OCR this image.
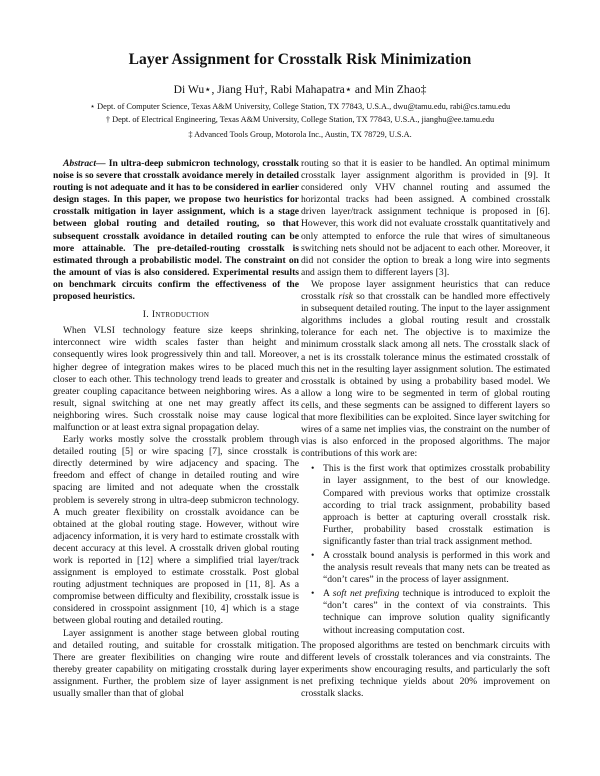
Layer Assignment for Crosstalk Risk Minimization
Di Wu⋆, Jiang Hu†, Rabi Mahapatra⋆ and Min Zhao‡
⋆ Dept. of Computer Science, Texas A&M University, College Station, TX 77843, U.S.A., dwu@tamu.edu, rabi@cs.tamu.edu
† Dept. of Electrical Engineering, Texas A&M University, College Station, TX 77843, U.S.A., jianghu@ee.tamu.edu
‡ Advanced Tools Group, Motorola Inc., Austin, TX 78729, U.S.A.

Abstract— In ultra-deep submicron technology, crosstalk noise is so severe that crosstalk avoidance merely in detailed routing is not adequate and it has to be considered in earlier design stages. In this paper, we propose two heuristics for crosstalk mitigation in layer assignment, which is a stage between global routing and detailed routing, so that subsequent crosstalk avoidance in detailed routing can be more attainable. The pre-detailed-routing crosstalk is estimated through a probabilistic model. The constraint on the amount of vias is also considered. Experimental results on benchmark circuits confirm the effectiveness of the proposed heuristics.

I. Introduction

When VLSI technology feature size keeps shrinking, interconnect wire width scales faster than height and consequently wires look progressively thin and tall. Moreover, higher degree of integration makes wires to be placed much closer to each other. This technology trend leads to greater and greater coupling capacitance between neighboring wires. As a result, signal switching at one net may greatly affect its neighboring wires. Such crosstalk noise may cause logical malfunction or at least extra signal propagation delay.

Early works mostly solve the crosstalk problem through detailed routing [5] or wire spacing [7], since crosstalk is directly determined by wire adjacency and spacing. The freedom and effect of change in detailed routing and wire spacing are limited and not adequate when the crosstalk problem is severely strong in ultra-deep submicron technology. A much greater flexibility on crosstalk avoidance can be obtained at the global routing stage. However, without wire adjacency information, it is very hard to estimate crosstalk with decent accuracy at this level. A crosstalk driven global routing work is reported in [12] where a simplified trial layer/track assignment is employed to estimate crosstalk. Post global routing adjustment techniques are proposed in [11, 8]. As a compromise between difficulty and flexibility, crosstalk issue is considered in crosspoint assignment [10, 4] which is a stage between global routing and detailed routing.

Layer assignment is another stage between global routing and detailed routing, and suitable for crosstalk mitigation. There are greater flexibilities on changing wire route and thereby greater capability on mitigating crosstalk during layer assignment. Further, the problem size of layer assignment is usually smaller than that of global

routing so that it is easier to be handled. An optimal minimum crosstalk layer assignment algorithm is provided in [9]. It considered only VHV channel routing and assumed the horizontal tracks had been assigned. A combined crosstalk driven layer/track assignment technique is proposed in [6]. However, this work did not evaluate crosstalk quantitatively and only attempted to enforce the rule that wires of simultaneous switching nets should not be adjacent to each other. Moreover, it did not consider the option to break a long wire into segments and assign them to different layers [3].

We propose layer assignment heuristics that can reduce crosstalk risk so that crosstalk can be handled more effectively in subsequent detailed routing. The input to the layer assignment algorithms includes a global routing result and crosstalk tolerance for each net. The objective is to maximize the minimum crosstalk slack among all nets. The crosstalk slack of a net is its crosstalk tolerance minus the estimated crosstalk of this net in the resulting layer assignment solution. The estimated crosstalk is obtained by using a probability based model. We allow a long wire to be segmented in term of global routing cells, and these segments can be assigned to different layers so that more flexibilities can be exploited. Since layer switching for wires of a same net implies vias, the constraint on the number of vias is also enforced in the proposed algorithms. The major contributions of this work are:

• This is the first work that optimizes crosstalk probability in layer assignment, to the best of our knowledge. Compared with previous works that optimize crosstalk according to trial track assignment, probability based approach is better at capturing overall crosstalk risk. Further, probability based crosstalk estimation is significantly faster than trial track assignment method.
• A crosstalk bound analysis is performed in this work and the analysis result reveals that many nets can be treated as “don’t cares” in the process of layer assignment.
• A soft net prefixing technique is introduced to exploit the “don’t cares” in the context of via constraints. This technique can improve solution quality significantly without increasing computation cost.

The proposed algorithms are tested on benchmark circuits with different levels of crosstalk tolerances and via constraints. The experiments show encouraging results, and particularly the soft net prefixing technique yields about 20% improvement on crosstalk slacks.
